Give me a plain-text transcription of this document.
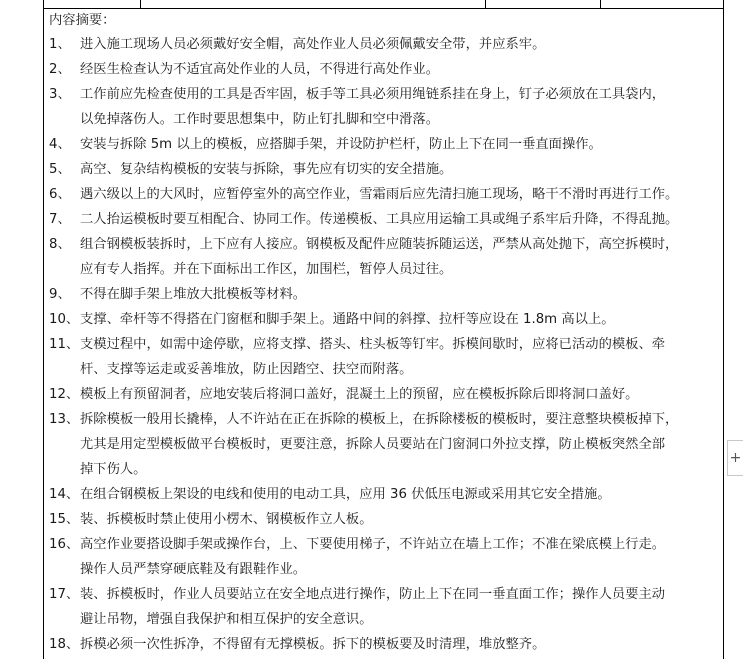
内容摘要：
1、 进入施工现场人员必须戴好安全帽，高处作业人员必须佩戴安全带，并应系牢。
2、 经医生检查认为不适宜高处作业的人员，不得进行高处作业。
3、 工作前应先检查使用的工具是否牢固，板手等工具必须用绳链系挂在身上，钉子必须放在工具袋内，
以免掉落伤人。工作时要思想集中，防止钉扎脚和空中滑落。
4、 安装与拆除 5m 以上的模板，应搭脚手架，并设防护栏杆，防止上下在同一垂直面操作。
5、 高空、复杂结构模板的安装与拆除，事先应有切实的安全措施。
6、 遇六级以上的大风时，应暂停室外的高空作业，雪霜雨后应先清扫施工现场，略干不滑时再进行工作。
7、 二人抬运模板时要互相配合、协同工作。传递模板、工具应用运输工具或绳子系牢后升降，不得乱抛。
8、 组合钢模板装拆时，上下应有人接应。钢模板及配件应随装拆随运送，严禁从高处抛下，高空拆模时，
应有专人指挥。并在下面标出工作区，加围栏，暂停人员过往。
9、 不得在脚手架上堆放大批模板等材料。
10、支撑、牵杆等不得搭在门窗框和脚手架上。通路中间的斜撑、拉杆等应设在 1.8m 高以上。
11、支模过程中，如需中途停歇，应将支撑、搭头、柱头板等钉牢。拆模间歇时，应将已活动的模板、牵
杆、支撑等运走或妥善堆放，防止因踏空、扶空而附落。
12、模板上有预留洞者，应地安装后将洞口盖好，混凝土上的预留，应在模板拆除后即将洞口盖好。
13、拆除模板一般用长撬棒，人不许站在正在拆除的模板上，在拆除楼板的模板时，要注意整块模板掉下，
尤其是用定型模板做平台模板时，更要注意，拆除人员要站在门窗洞口外拉支撑，防止模板突然全部
掉下伤人。
14、在组合钢模板上架设的电线和使用的电动工具，应用 36 伏低压电源或采用其它安全措施。
15、装、拆模板时禁止使用小楞木、钢模板作立人板。
16、高空作业要搭设脚手架或操作台，上、下要使用梯子，不许站立在墙上工作；不准在梁底模上行走。
操作人员严禁穿硬底鞋及有跟鞋作业。
17、装、拆模板时，作业人员要站立在安全地点进行操作，防止上下在同一垂直面工作；操作人员要主动
避让吊物，增强自我保护和相互保护的安全意识。
18、拆模必须一次性拆净，不得留有无撑模板。拆下的模板要及时清理，堆放整齐。
+
